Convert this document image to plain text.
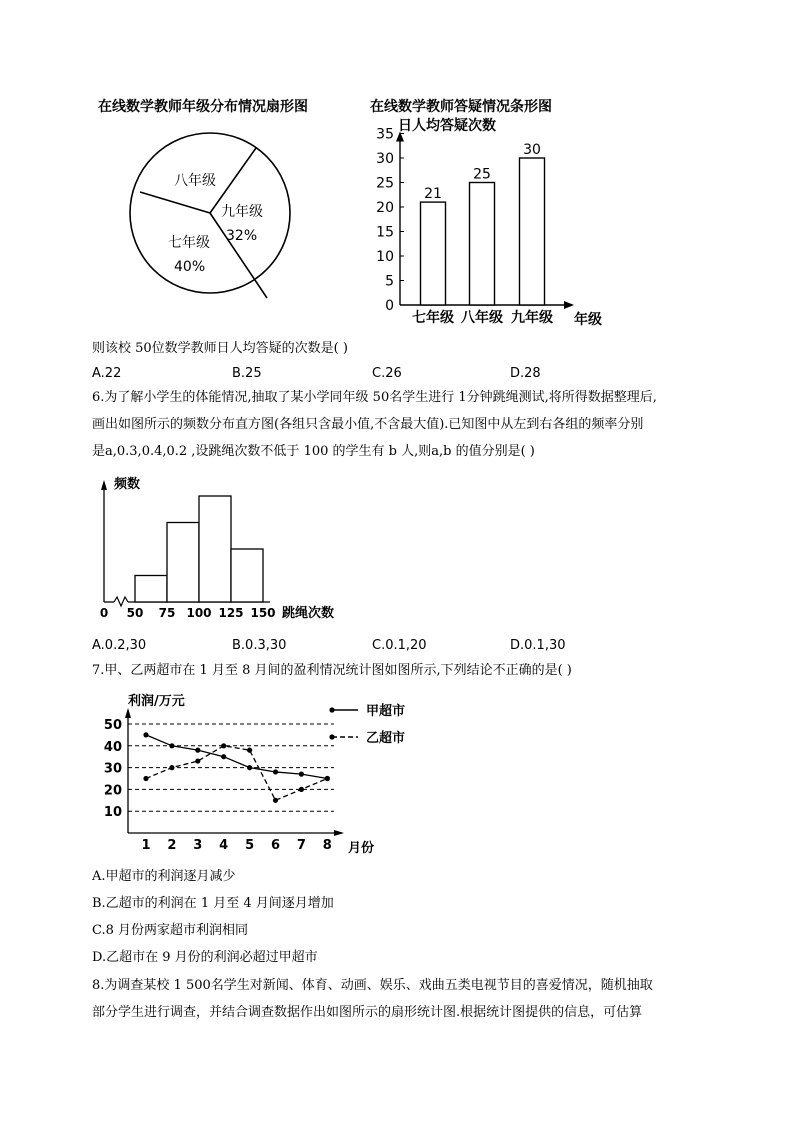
在线数学教师年级分布情况扇形图
八年级
九年级
32%
七年级
40%
在线数学教师答疑情况条形图
日人均答疑次数
年级
0
5
10
15
20
25
30
35
21
七年级
25
八年级
30
九年级
则该校 50位数学教师日人均答疑的次数是( )
A.22	B.25	C.26	D.28
6.为了解小学生的体能情况,抽取了某小学同年级 50名学生进行 1分钟跳绳测试,将所得数据整理后,
画出如图所示的频数分布直方图(各组只含最小值,不含最大值).已知图中从左到右各组的频率分别
是a,0.3,0.4,0.2 ,设跳绳次数不低于 100 的学生有 b 人,则a,b 的值分别是( )
频数
跳绳次数
0 50 75 100 125 150
A.0.2,30	B.0.3,30	C.0.1,20	D.0.1,30
7.甲、乙两超市在 1 月至 8 月间的盈利情况统计图如图所示,下列结论不正确的是( )
利润/万元
月份
甲超市
乙超市
10
20
30
40
50
1 2 3 4 5 6 7 8
A.甲超市的利润逐月减少
B.乙超市的利润在 1 月至 4 月间逐月增加
C.8 月份两家超市利润相同
D.乙超市在 9 月份的利润必超过甲超市
8.为调查某校 1 500名学生对新闻、体育、动画、娱乐、戏曲五类电视节目的喜爱情况，随机抽取
部分学生进行调查，并结合调查数据作出如图所示的扇形统计图.根据统计图提供的信息，可估算
